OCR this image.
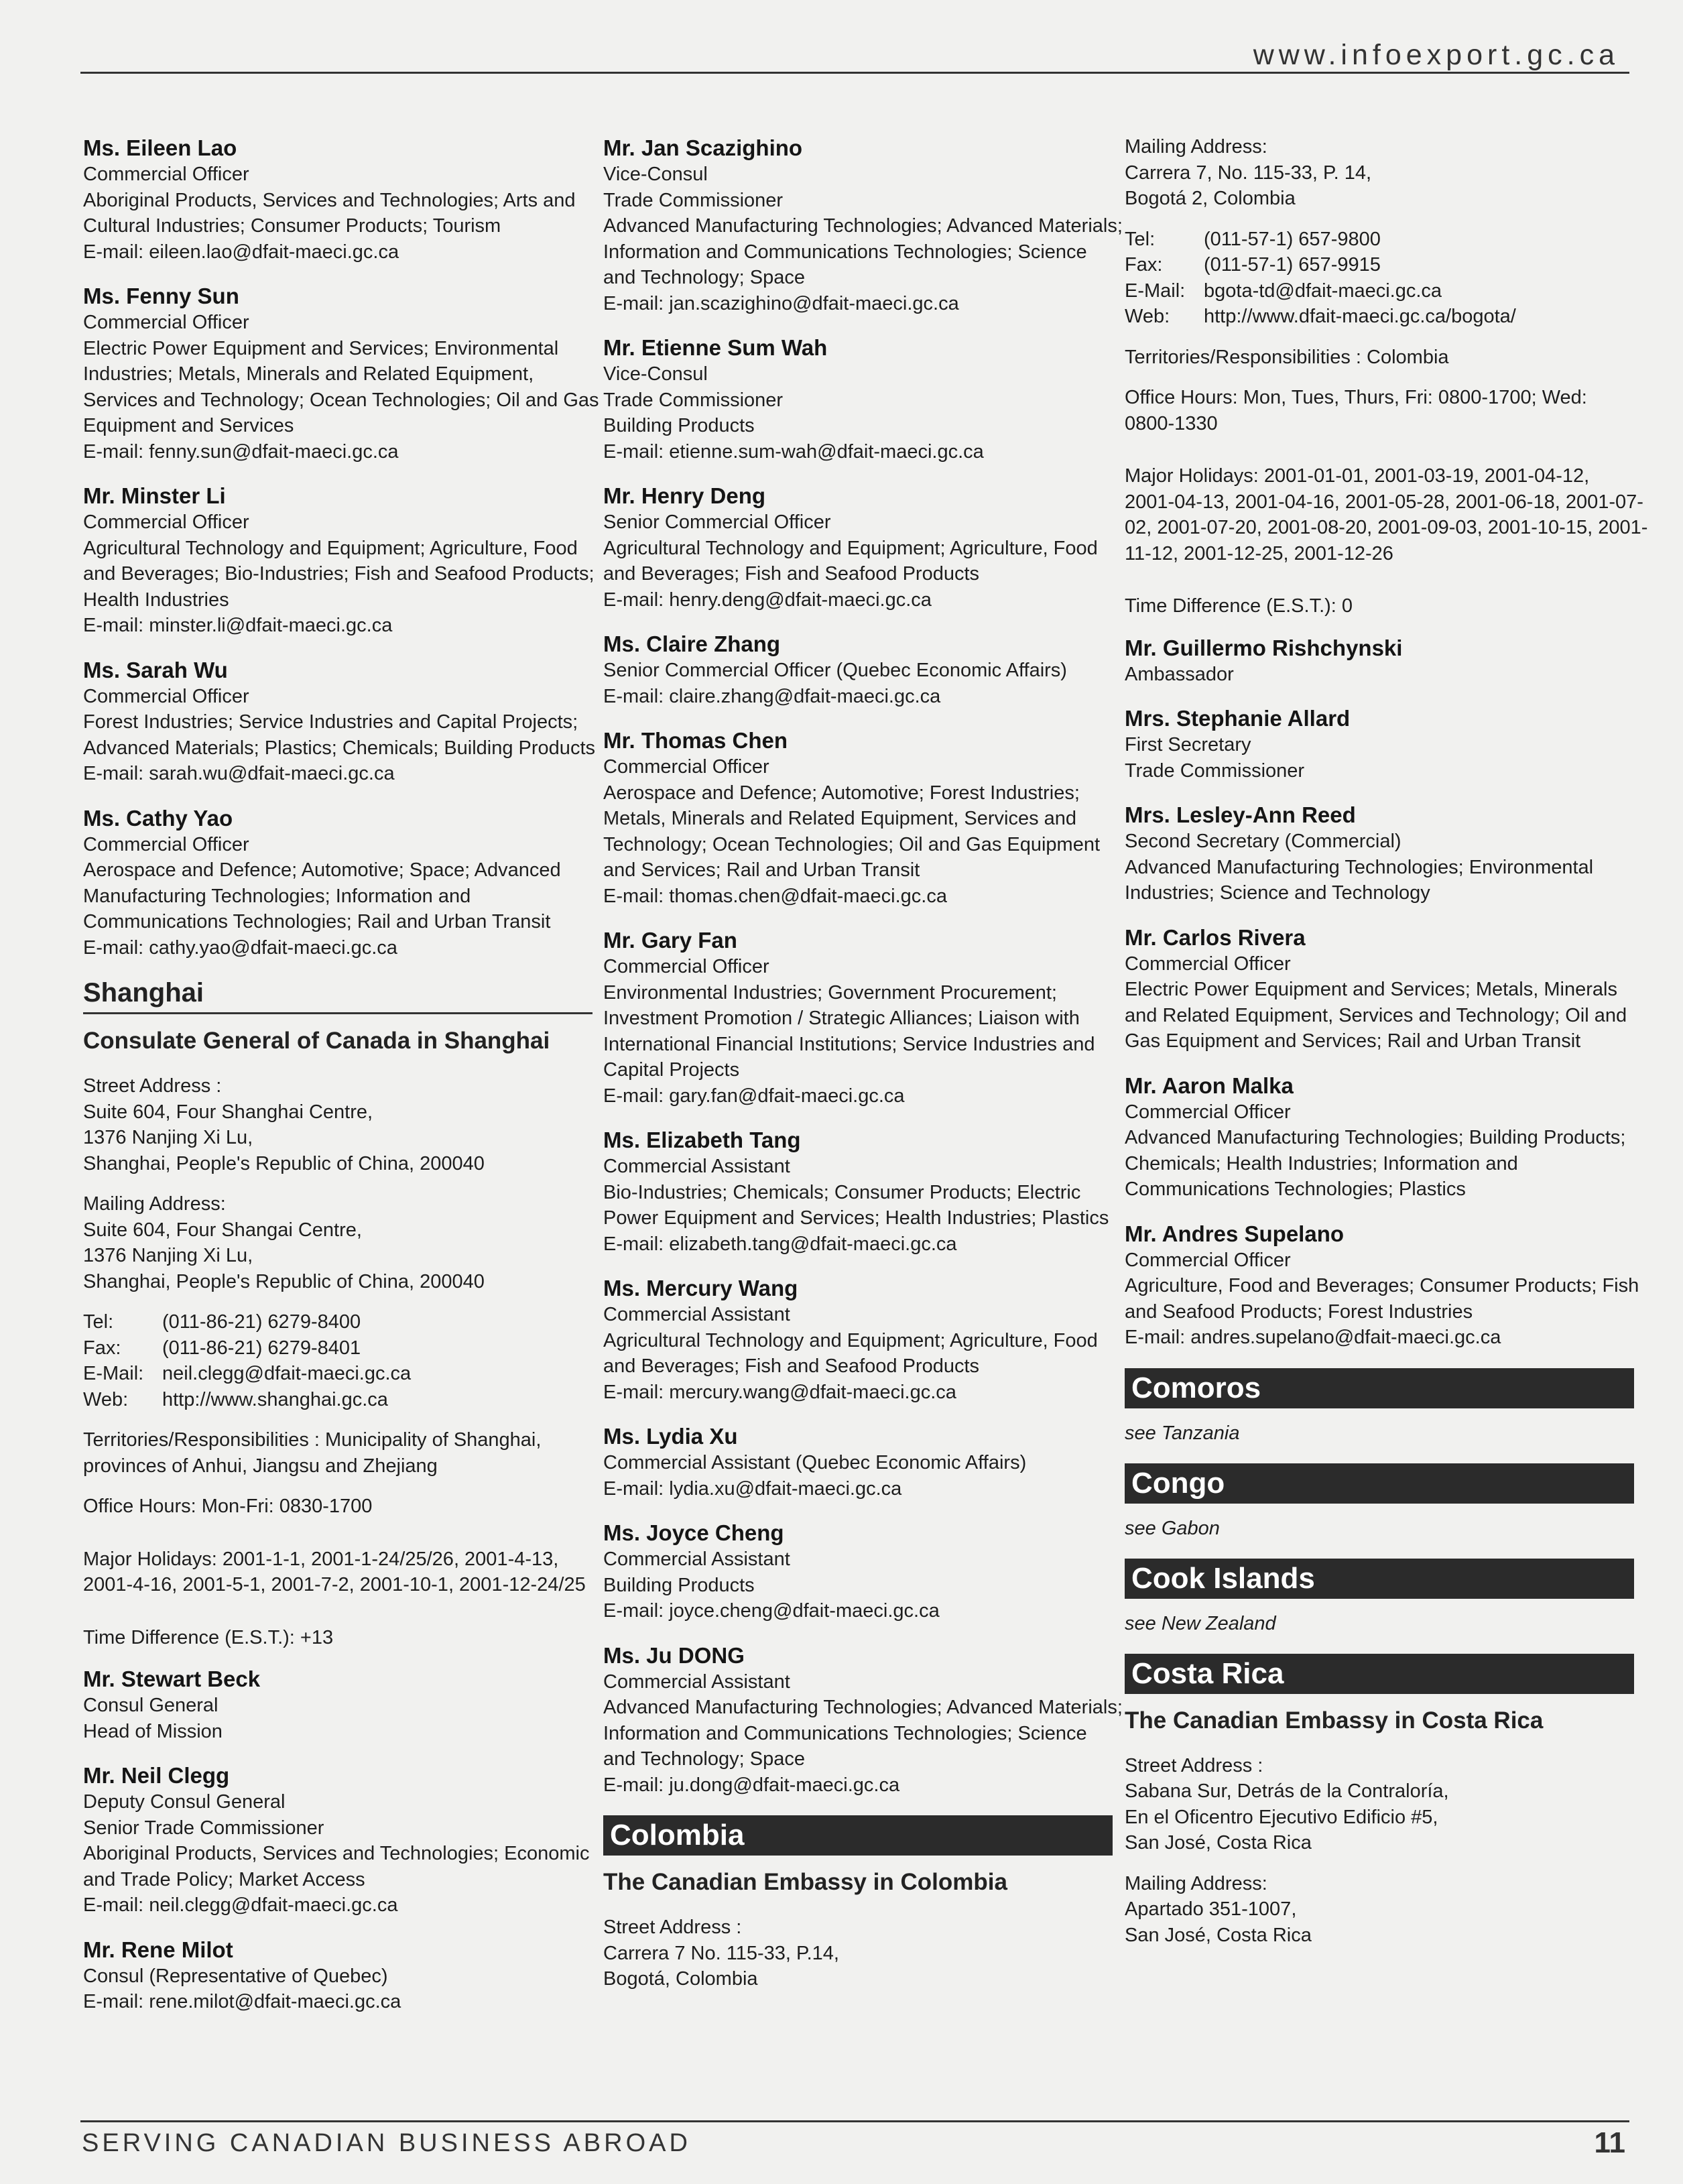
www.infoexport.gc.ca
Ms. Eileen Lao
Commercial Officer
Aboriginal Products, Services and Technologies; Arts and
Cultural Industries; Consumer Products; Tourism
E-mail: eileen.lao@dfait-maeci.gc.ca
Ms. Fenny Sun
Commercial Officer
Electric Power Equipment and Services; Environmental
Industries; Metals, Minerals and Related Equipment,
Services and Technology; Ocean Technologies; Oil and Gas
Equipment and Services
E-mail: fenny.sun@dfait-maeci.gc.ca
Mr. Minster Li
Commercial Officer
Agricultural Technology and Equipment; Agriculture, Food
and Beverages; Bio-Industries; Fish and Seafood Products;
Health Industries
E-mail: minster.li@dfait-maeci.gc.ca
Ms. Sarah Wu
Commercial Officer
Forest Industries; Service Industries and Capital Projects;
Advanced Materials; Plastics; Chemicals; Building Products
E-mail: sarah.wu@dfait-maeci.gc.ca
Ms. Cathy Yao
Commercial Officer
Aerospace and Defence; Automotive; Space; Advanced
Manufacturing Technologies; Information and
Communications Technologies; Rail and Urban Transit
E-mail: cathy.yao@dfait-maeci.gc.ca
Shanghai
Consulate General of Canada in Shanghai
Street Address :
Suite 604, Four Shanghai Centre,
1376 Nanjing Xi Lu,
Shanghai, People's Republic of China, 200040
Mailing Address:
Suite 604, Four Shangai Centre,
1376 Nanjing Xi Lu,
Shanghai, People's Republic of China, 200040
Tel:	(011-86-21) 6279-8400
Fax:	(011-86-21) 6279-8401
E-Mail: neil.clegg@dfait-maeci.gc.ca
Web:	http://www.shanghai.gc.ca
Territories/Responsibilities : Municipality of Shanghai,
provinces of Anhui, Jiangsu and Zhejiang
Office Hours: Mon-Fri: 0830-1700
Major Holidays: 2001-1-1, 2001-1-24/25/26, 2001-4-13,
2001-4-16, 2001-5-1, 2001-7-2, 2001-10-1, 2001-12-24/25
Time Difference (E.S.T.): +13
Mr. Stewart Beck
Consul General
Head of Mission
Mr. Neil Clegg
Deputy Consul General
Senior Trade Commissioner
Aboriginal Products, Services and Technologies; Economic
and Trade Policy; Market Access
E-mail: neil.clegg@dfait-maeci.gc.ca
Mr. Rene Milot
Consul (Representative of Quebec)
E-mail: rene.milot@dfait-maeci.gc.ca
Mr. Jan Scazighino
Vice-Consul
Trade Commissioner
Advanced Manufacturing Technologies; Advanced Materials;
Information and Communications Technologies; Science
and Technology; Space
E-mail: jan.scazighino@dfait-maeci.gc.ca
Mr. Etienne Sum Wah
Vice-Consul
Trade Commissioner
Building Products
E-mail: etienne.sum-wah@dfait-maeci.gc.ca
Mr. Henry Deng
Senior Commercial Officer
Agricultural Technology and Equipment; Agriculture, Food
and Beverages; Fish and Seafood Products
E-mail: henry.deng@dfait-maeci.gc.ca
Ms. Claire Zhang
Senior Commercial Officer (Quebec Economic Affairs)
E-mail: claire.zhang@dfait-maeci.gc.ca
Mr. Thomas Chen
Commercial Officer
Aerospace and Defence; Automotive; Forest Industries;
Metals, Minerals and Related Equipment, Services and
Technology; Ocean Technologies; Oil and Gas Equipment
and Services; Rail and Urban Transit
E-mail: thomas.chen@dfait-maeci.gc.ca
Mr. Gary Fan
Commercial Officer
Environmental Industries; Government Procurement;
Investment Promotion / Strategic Alliances; Liaison with
International Financial Institutions; Service Industries and
Capital Projects
E-mail: gary.fan@dfait-maeci.gc.ca
Ms. Elizabeth Tang
Commercial Assistant
Bio-Industries; Chemicals; Consumer Products; Electric
Power Equipment and Services; Health Industries; Plastics
E-mail: elizabeth.tang@dfait-maeci.gc.ca
Ms. Mercury Wang
Commercial Assistant
Agricultural Technology and Equipment; Agriculture, Food
and Beverages; Fish and Seafood Products
E-mail: mercury.wang@dfait-maeci.gc.ca
Ms. Lydia Xu
Commercial Assistant (Quebec Economic Affairs)
E-mail: lydia.xu@dfait-maeci.gc.ca
Ms. Joyce Cheng
Commercial Assistant
Building Products
E-mail: joyce.cheng@dfait-maeci.gc.ca
Ms. Ju DONG
Commercial Assistant
Advanced Manufacturing Technologies; Advanced Materials;
Information and Communications Technologies; Science
and Technology; Space
E-mail: ju.dong@dfait-maeci.gc.ca
Colombia
The Canadian Embassy in Colombia
Street Address :
Carrera 7 No. 115-33, P.14,
Bogotá, Colombia
Mailing Address:
Carrera 7, No. 115-33, P. 14,
Bogotá 2, Colombia
Tel:	(011-57-1) 657-9800
Fax:	(011-57-1) 657-9915
E-Mail: bgota-td@dfait-maeci.gc.ca
Web:	http://www.dfait-maeci.gc.ca/bogota/
Territories/Responsibilities : Colombia
Office Hours: Mon, Tues, Thurs, Fri: 0800-1700; Wed:
0800-1330
Major Holidays: 2001-01-01, 2001-03-19, 2001-04-12,
2001-04-13, 2001-04-16, 2001-05-28, 2001-06-18, 2001-07-
02, 2001-07-20, 2001-08-20, 2001-09-03, 2001-10-15, 2001-
11-12, 2001-12-25, 2001-12-26
Time Difference (E.S.T.): 0
Mr. Guillermo Rishchynski
Ambassador
Mrs. Stephanie Allard
First Secretary
Trade Commissioner
Mrs. Lesley-Ann Reed
Second Secretary (Commercial)
Advanced Manufacturing Technologies; Environmental
Industries; Science and Technology
Mr. Carlos Rivera
Commercial Officer
Electric Power Equipment and Services; Metals, Minerals
and Related Equipment, Services and Technology; Oil and
Gas Equipment and Services; Rail and Urban Transit
Mr. Aaron Malka
Commercial Officer
Advanced Manufacturing Technologies; Building Products;
Chemicals; Health Industries; Information and
Communications Technologies; Plastics
Mr. Andres Supelano
Commercial Officer
Agriculture, Food and Beverages; Consumer Products; Fish
and Seafood Products; Forest Industries
E-mail: andres.supelano@dfait-maeci.gc.ca
Comoros
see Tanzania
Congo
see Gabon
Cook Islands
see New Zealand
Costa Rica
The Canadian Embassy in Costa Rica
Street Address :
Sabana Sur, Detrás de la Contraloría,
En el Oficentro Ejecutivo Edificio #5,
San José, Costa Rica
Mailing Address:
Apartado 351-1007,
San José, Costa Rica
SERVING CANADIAN BUSINESS ABROAD	11
